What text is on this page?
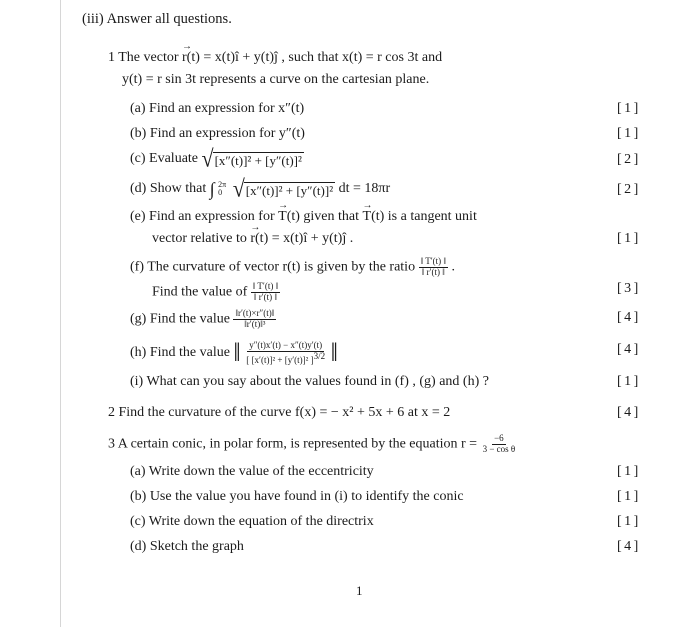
(iii) Answer all questions.
1 The vector → r(t) = x(t)î + y(t)ĵ , such that x(t) = r cos 3t and
y(t) = r sin 3t represents a curve on the cartesian plane.
(a) Find an expression for x″(t)
(b) Find an expression for y″(t)
(c) Evaluate √ [x″(t)]² + [y″(t)]²
(d) Show that ∫ 2π
0
√ [x″(t)]² + [y″(t)]² dt = 18πr
(e) Find an expression for → T(t) given that → T(t) is a tangent unit
vector relative to → r(t) = x(t)î + y(t)ĵ .
(f) The curvature of vector r(t) is given by the ratio $\frac{‖ T'(t) ‖}{‖ r'(t) ‖}$ .
Find the value of $\frac{‖ T'(t) ‖}{‖ r'(t) ‖}$
(g) Find the value $\frac{‖r'(t)\times r''(t)‖}{\text{‖r′(t)‖³}}$
(h) Find the value ‖ $\frac{y''(t)x'(t) - x''(t)y'(t)}{[ [x'(t)]^2 + [y'(t)]^2 ]^{3/2}}$ ‖
(i) What can you say about the values found in (f) , (g) and (h) ?
2 Find the curvature of the curve f(x) = − x² + 5x + 6 at x = 2
3 A certain conic, in polar form, is represented by the equation $r = \frac{-6}{\text{3 − cos θ}}$
(a) Write down the value of the eccentricity
(b) Use the value you have found in (i) to identify the conic
(c) Write down the equation of the directrix
(d) Sketch the graph
[ 1 ]
[ 1 ]
[ 2 ]
[ 2 ]
[ 1 ]
[ 3 ]
[ 4 ]
[ 4 ]
[ 1 ]
[ 4 ]
[ 1 ]
[ 1 ]
[ 1 ]
[ 4 ]
1
